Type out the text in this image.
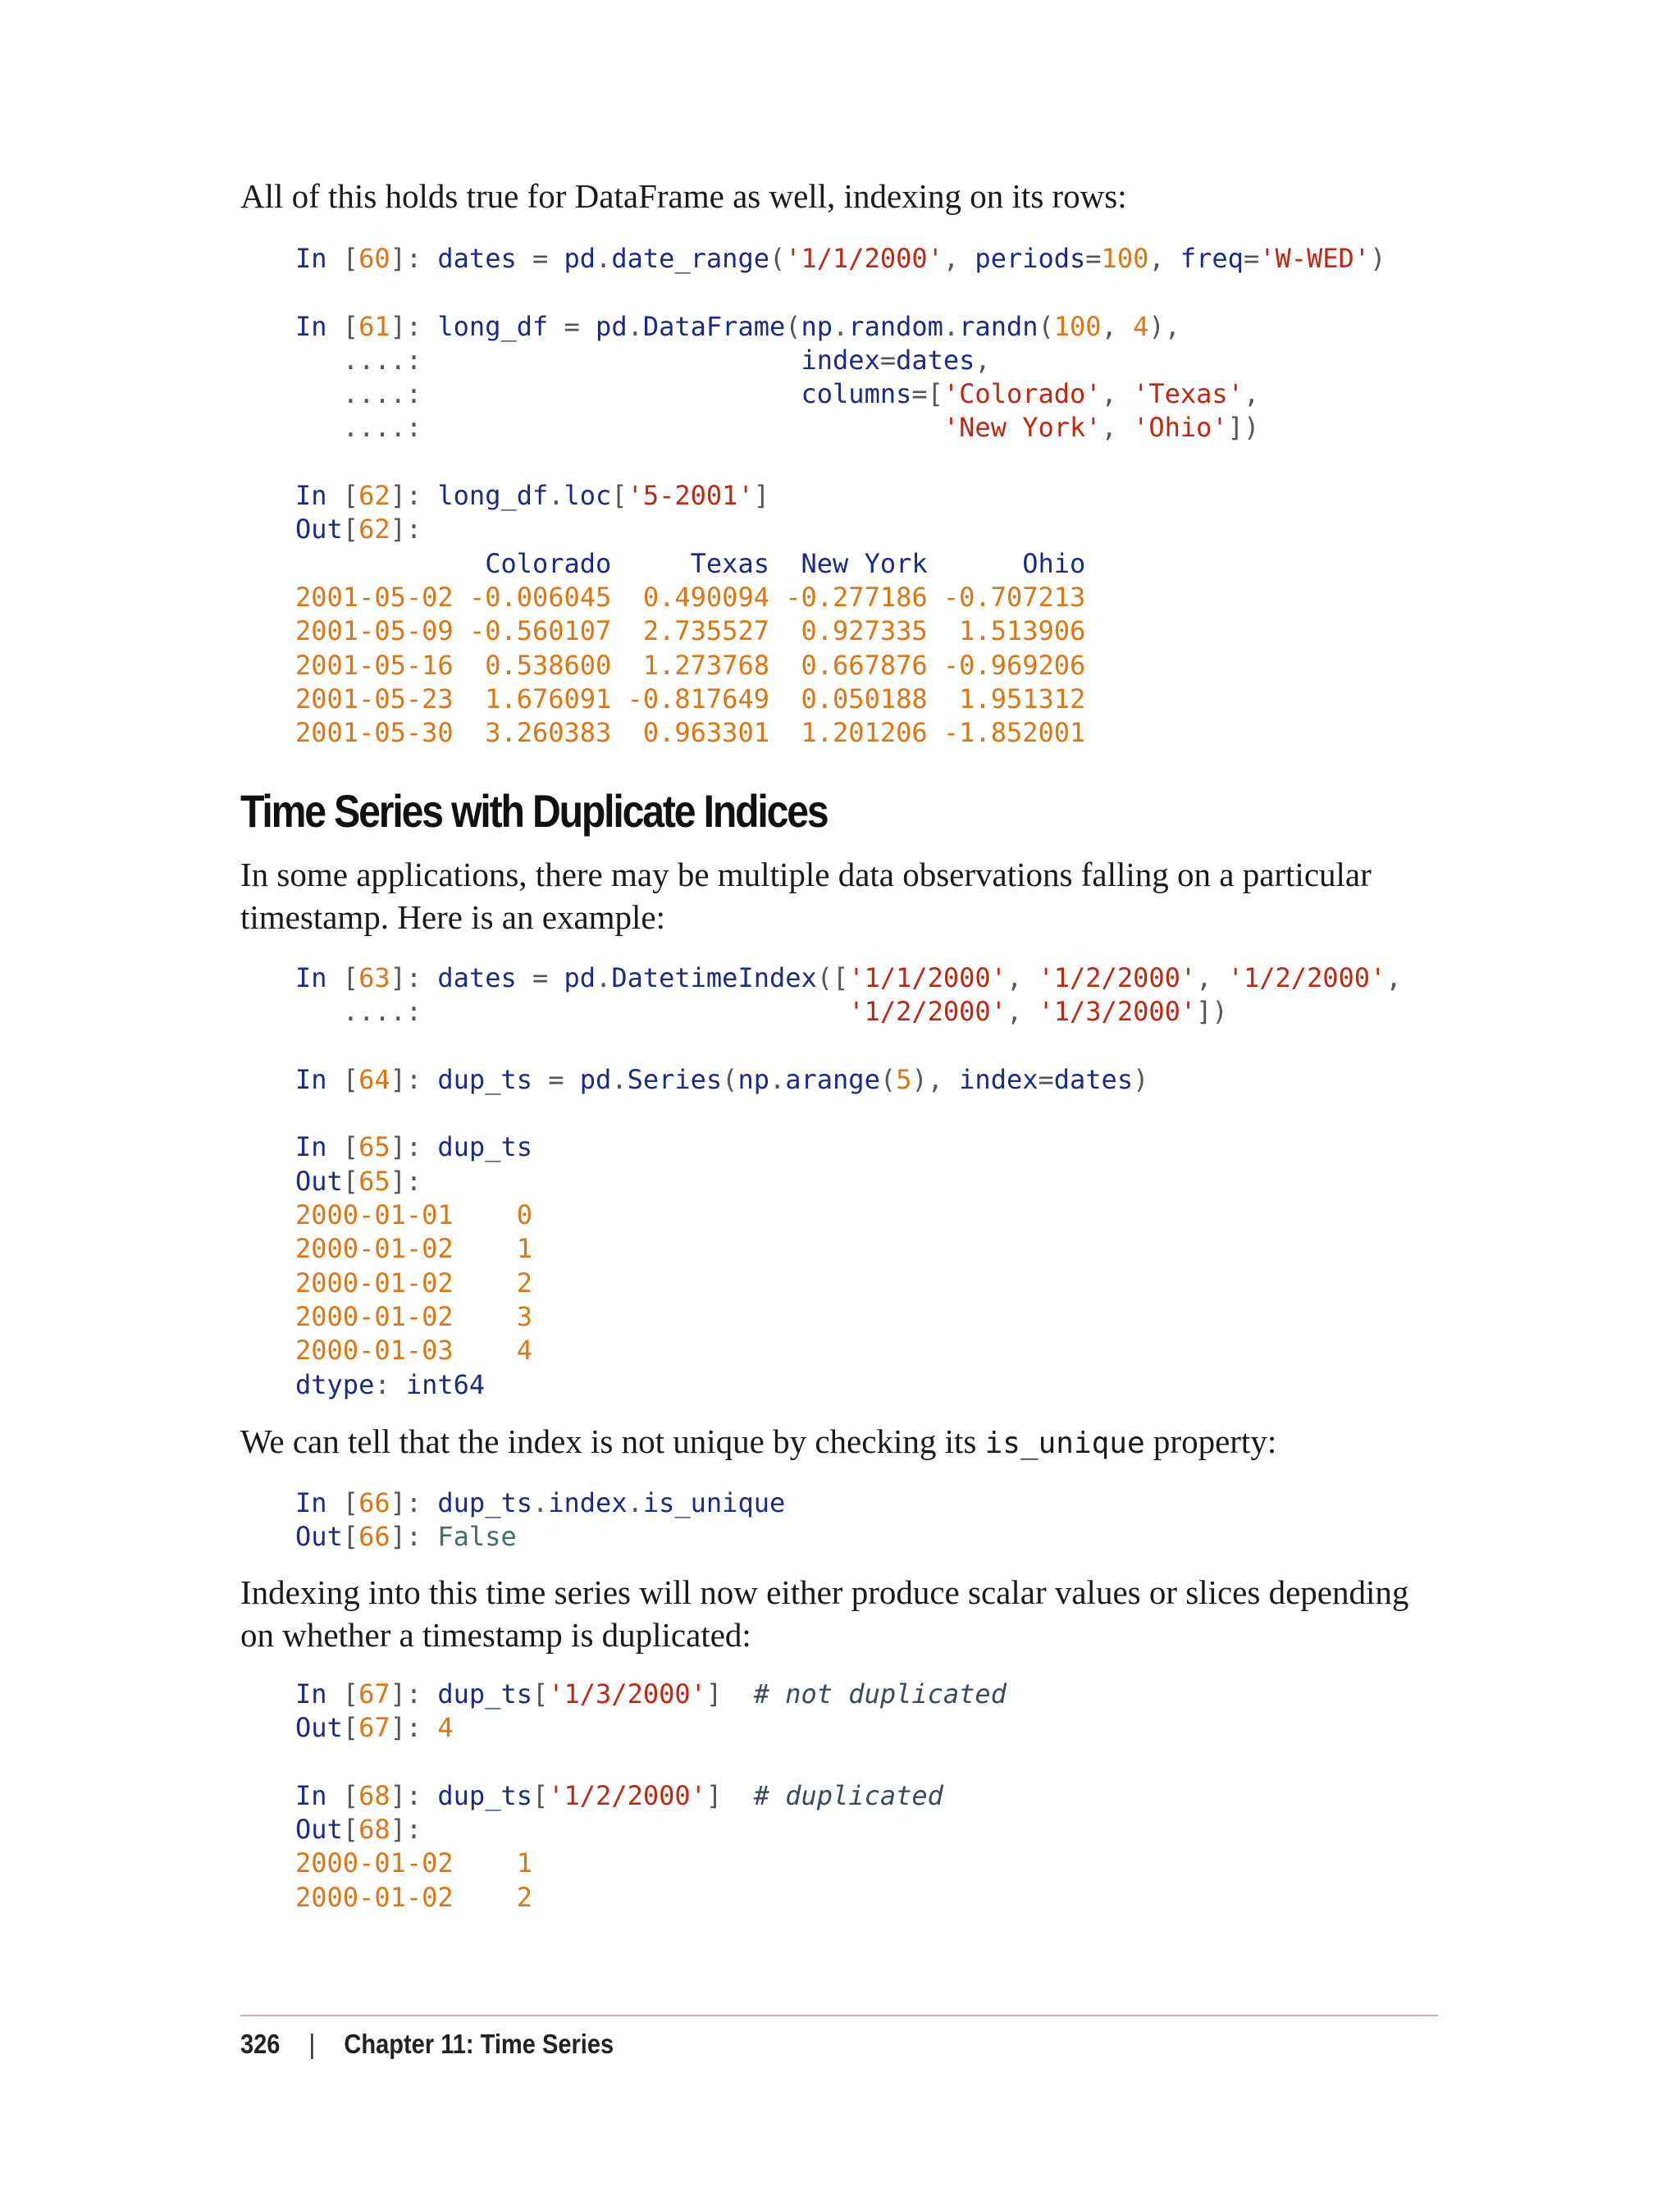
All of this holds true for DataFrame as well, indexing on its rows:

In [60]: dates = pd.date_range('1/1/2000', periods=100, freq='W-WED')

In [61]: long_df = pd.DataFrame(np.random.randn(100, 4),
....:                        index=dates,
....:                        columns=['Colorado', 'Texas',
....:	'New York', 'Ohio'])

In [62]: long_df.loc['5-2001']
Out[62]:
Colorado     Texas  New York      Ohio
2001-05-02 -0.006045 0.490094 -0.277186 -0.707213
2001-05-09 -0.560107 2.735527 0.927335 1.513906
2001-05-16 0.538600 1.273768 0.667876 -0.969206
2001-05-23 1.676091 -0.817649 0.050188 1.951312
2001-05-30 3.260383 0.963301 1.201206 -1.852001
Time Series with Duplicate Indices

In some applications, there may be multiple data observations falling on a particular timestamp. Here is an example:

In [63]: dates = pd.DatetimeIndex(['1/1/2000', '1/2/2000', '1/2/2000',
....:	'1/2/2000', '1/3/2000'])

In [64]: dup_ts = pd.Series(np.arange(5), index=dates)

In [65]: dup_ts
Out[65]:
2000-01-01 0
2000-01-02 1
2000-01-02 2
2000-01-02 3
2000-01-03 4
dtype: int64

We can tell that the index is not unique by checking its is_unique property:

In [66]: dup_ts.index.is_unique
Out[66]: False

Indexing into this time series will now either produce scalar values or slices depending on whether a timestamp is duplicated:

In [67]: dup_ts['1/3/2000'] # not duplicated
Out[67]: 4

In [68]: dup_ts['1/2/2000'] # duplicated
Out[68]:
2000-01-02 1
2000-01-02 2
326 | Chapter 11: Time Series
